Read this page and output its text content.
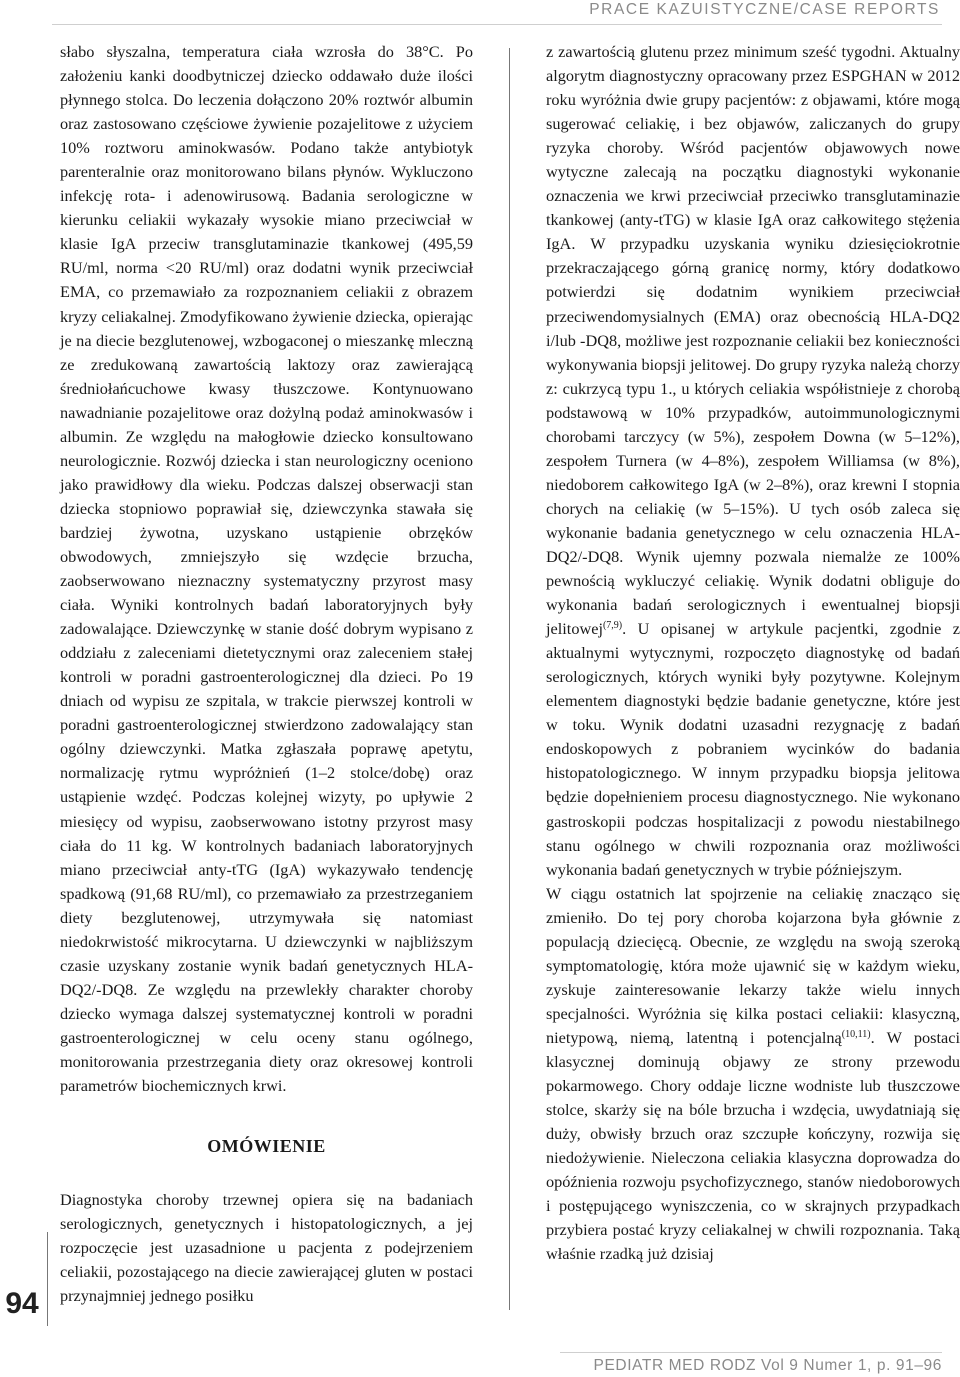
PRACE KAZUISTYCZNE/CASE REPORTS

słabo słyszalna, temperatura ciała wzrosła do 38°C. Po założeniu kanki doodbytniczej dziecko oddawało duże ilości płynnego stolca. Do leczenia dołączono 20% roztwór albumin oraz zastosowano częściowe żywienie pozajelitowe z użyciem 10% roztworu aminokwasów. Podano także antybiotyk parenteralnie oraz monitorowano bilans płynów. Wykluczono infekcję rota- i adenowirusową. Badania serologiczne w kierunku celiakii wykazały wysokie miano przeciwciał w klasie IgA przeciw transglutaminazie tkankowej (495,59 RU/ml, norma <20 RU/ml) oraz dodatni wynik przeciwciał EMA, co przemawiało za rozpoznaniem celiakii z obrazem kryzy celiakalnej. Zmodyfikowano żywienie dziecka, opierając je na diecie bezglutenowej, wzbogaconej o mieszankę mleczną ze zredukowaną zawartością laktozy oraz zawierającą średniołańcuchowe kwasy tłuszczowe. Kontynuowano nawadnianie pozajelitowe oraz dożylną podaż aminokwasów i albumin. Ze względu na małogłowie dziecko konsultowano neurologicznie. Rozwój dziecka i stan neurologiczny oceniono jako prawidłowy dla wieku. Podczas dalszej obserwacji stan dziecka stopniowo poprawiał się, dziewczynka stawała się bardziej żywotna, uzyskano ustąpienie obrzęków obwodowych, zmniejszyło się wzdęcie brzucha, zaobserwowano nieznaczny systematyczny przyrost masy ciała. Wyniki kontrolnych badań laboratoryjnych były zadowalające. Dziewczynkę w stanie dość dobrym wypisano z oddziału z zaleceniami dietetycznymi oraz zaleceniem stałej kontroli w poradni gastroenterologicznej dla dzieci. Po 19 dniach od wypisu ze szpitala, w trakcie pierwszej kontroli w poradni gastroenterologicznej stwierdzono zadowalający stan ogólny dziewczynki. Matka zgłaszała poprawę apetytu, normalizację rytmu wypróżnień (1–2 stolce/dobę) oraz ustąpienie wzdęć. Podczas kolejnej wizyty, po upływie 2 miesięcy od wypisu, zaobserwowano istotny przyrost masy ciała do 11 kg. W kontrolnych badaniach laboratoryjnych miano przeciwciał anty-tTG (IgA) wykazywało tendencję spadkową (91,68 RU/ml), co przemawiało za przestrzeganiem diety bezglutenowej, utrzymywała się natomiast niedokrwistość mikrocytarna. U dziewczynki w najbliższym czasie uzyskany zostanie wynik badań genetycznych HLA-DQ2/-DQ8. Ze względu na przewlekły charakter choroby dziecko wymaga dalszej systematycznej kontroli w poradni gastroenterologicznej w celu oceny stanu ogólnego, monitorowania przestrzegania diety oraz okresowej kontroli parametrów biochemicznych krwi.

OMÓWIENIE

Diagnostyka choroby trzewnej opiera się na badaniach serologicznych, genetycznych i histopatologicznych, a jej rozpoczęcie jest uzasadnione u pacjenta z podejrzeniem celiakii, pozostającego na diecie zawierającej gluten w postaci przynajmniej jednego posiłku

z zawartością glutenu przez minimum sześć tygodni. Aktualny algorytm diagnostyczny opracowany przez ESPGHAN w 2012 roku wyróżnia dwie grupy pacjentów: z objawami, które mogą sugerować celiakię, i bez objawów, zaliczanych do grupy ryzyka choroby. Wśród pacjentów objawowych nowe wytyczne zalecają na początku diagnostyki wykonanie oznaczenia we krwi przeciwciał przeciwko transglutaminazie tkankowej (anty-tTG) w klasie IgA oraz całkowitego stężenia IgA. W przypadku uzyskania wyniku dziesięciokrotnie przekraczającego górną granicę normy, który dodatkowo potwierdzi się dodatnim wynikiem przeciwciał przeciwendomysialnych (EMA) oraz obecnością HLA-DQ2 i/lub -DQ8, możliwe jest rozpoznanie celiakii bez konieczności wykonywania biopsji jelitowej. Do grupy ryzyka należą chorzy z: cukrzycą typu 1., u których celiakia współistnieje z chorobą podstawową w 10% przypadków, autoimmunologicznymi chorobami tarczycy (w 5%), zespołem Downa (w 5–12%), zespołem Turnera (w 4–8%), zespołem Williamsa (w 8%), niedoborem całkowitego IgA (w 2–8%), oraz krewni I stopnia chorych na celiakię (w 5–15%). U tych osób zaleca się wykonanie badania genetycznego w celu oznaczenia HLA-DQ2/-DQ8. Wynik ujemny pozwala niemalże ze 100% pewnością wykluczyć celiakię. Wynik dodatni obliguje do wykonania badań serologicznych i ewentualnej biopsji jelitowej$^{(7,9)}$. U opisanej w artykule pacjentki, zgodnie z aktualnymi wytycznymi, rozpoczęto diagnostykę od badań serologicznych, których wyniki były pozytywne. Kolejnym elementem diagnostyki będzie badanie genetyczne, które jest w toku. Wynik dodatni uzasadni rezygnację z badań endoskopowych z pobraniem wycinków do badania histopatologicznego. W innym przypadku biopsja jelitowa będzie dopełnieniem procesu diagnostycznego. Nie wykonano gastroskopii podczas hospitalizacji z powodu niestabilnego stanu ogólnego w chwili rozpoznania oraz możliwości wykonania badań genetycznych w trybie późniejszym.

W ciągu ostatnich lat spojrzenie na celiakię znacząco się zmieniło. Do tej pory choroba kojarzona była głównie z populacją dziecięcą. Obecnie, ze względu na swoją szeroką symptomatologię, która może ujawnić się w każdym wieku, zyskuje zainteresowanie lekarzy także wielu innych specjalności. Wyróżnia się kilka postaci celiakii: klasyczną, nietypową, niemą, latentną i potencjalną$^{(10,11)}$. W postaci klasycznej dominują objawy ze strony przewodu pokarmowego. Chory oddaje liczne wodniste lub tłuszczowe stolce, skarży się na bóle brzucha i wzdęcia, uwydatniają się duży, obwisły brzuch oraz szczupłe kończyny, rozwija się niedożywienie. Nieleczona celiakia klasyczna doprowadza do opóźnienia rozwoju psychofizycznego, stanów niedoborowych i postępującego wyniszczenia, co w skrajnych przypadkach przybiera postać kryzy celiakalnej w chwili rozpoznania. Taką właśnie rzadką już dzisiaj

94
PEDIATR MED RODZ Vol 9 Numer 1, p. 91–96
